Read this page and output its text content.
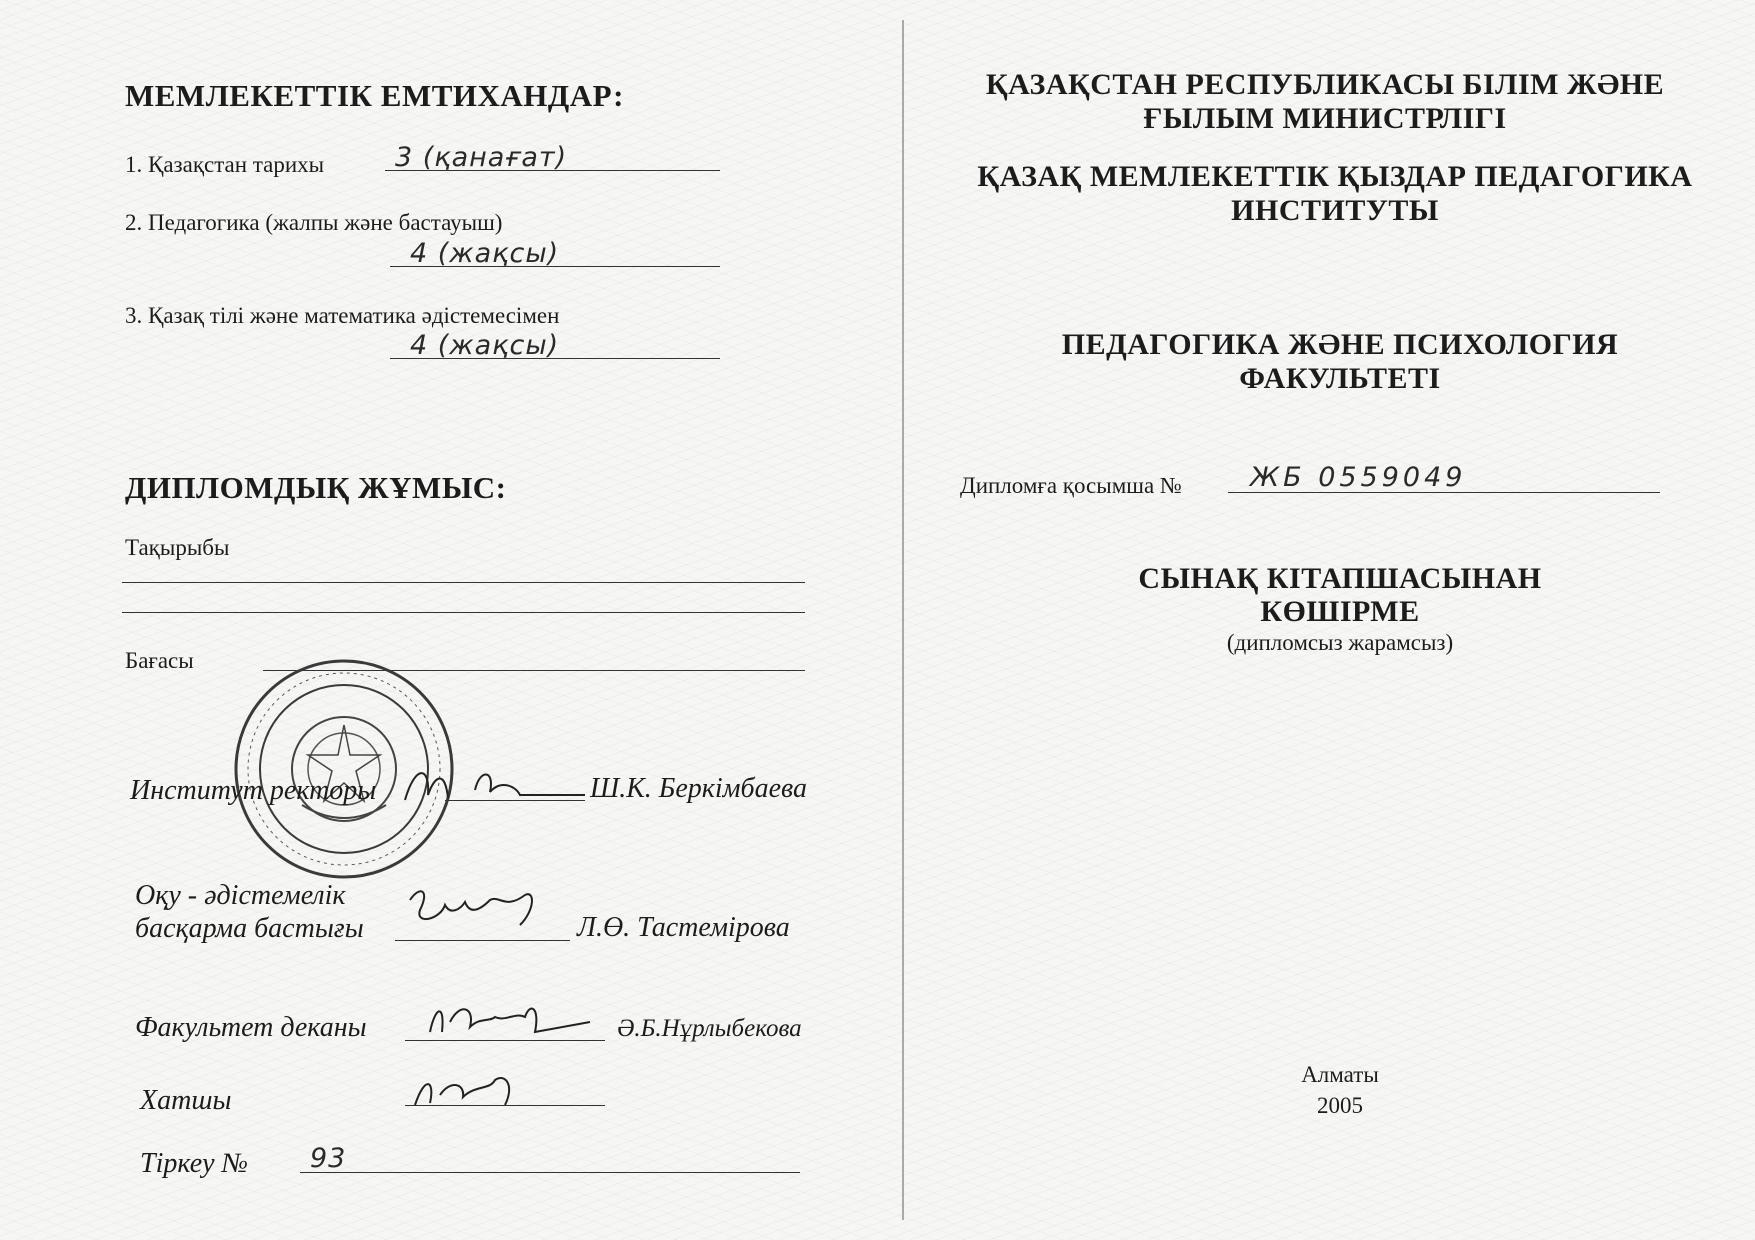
МЕМЛЕКЕТТІК ЕМТИХАНДАР:
1. Қазақстан тарихы	3 (қанағат)
2. Педагогика (жалпы және бастауыш)
4 (жақсы)
3. Қазақ тілі және математика әдістемесімен
4 (жақсы)
ДИПЛОМДЫҚ ЖҰМЫС:
Тақырыбы
Бағасы
Институт ректоры	Ш.К. Беркімбаева
Оқу - әдістемелік
басқарма бастығы	Л.Ө. Тастемірова
Факультет деканы	Ә.Б.Нұрлыбекова
Хатшы
Тіркеу № 93
ҚАЗАҚСТАН РЕСПУБЛИКАСЫ БІЛІМ ЖӘНЕ
ҒЫЛЫМ МИНИСТРЛІГІ
ҚАЗАҚ МЕМЛЕКЕТТІК ҚЫЗДАР ПЕДАГОГИКА
ИНСТИТУТЫ
ПЕДАГОГИКА ЖӘНЕ ПСИХОЛОГИЯ
ФАКУЛЬТЕТІ
Дипломға қосымша №	ЖБ 0559049
СЫНАҚ КІТАПШАСЫНАН
КӨШІРМЕ
(дипломсыз жарамсыз)
Алматы
2005
